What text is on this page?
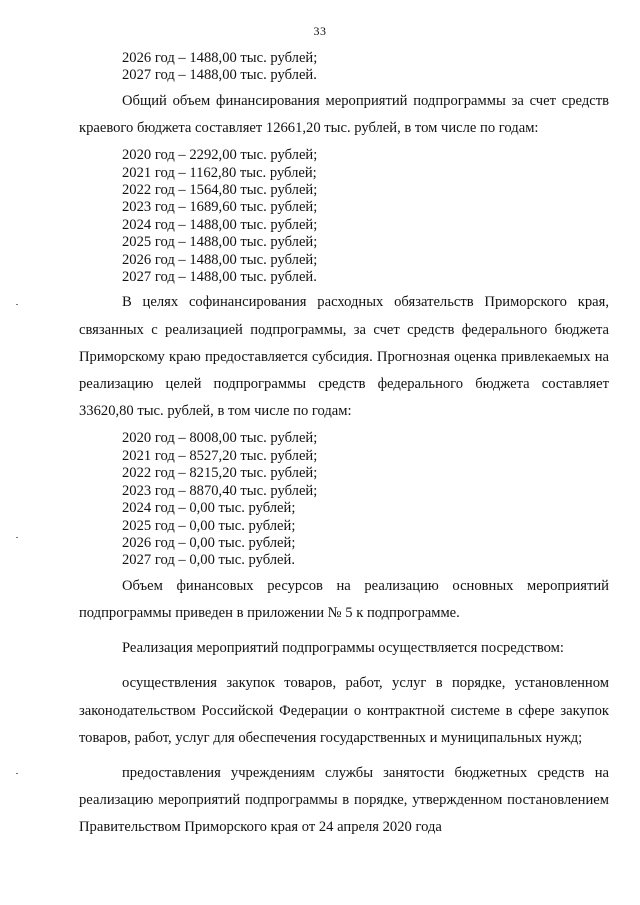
33

2026 год – 1488,00 тыс. рублей;

2027 год – 1488,00 тыс. рублей.

Общий объем финансирования мероприятий подпрограммы за счет средств краевого бюджета составляет 12661,20 тыс. рублей, в том числе по годам:

2020 год – 2292,00 тыс. рублей;

2021 год – 1162,80 тыс. рублей;

2022 год – 1564,80 тыс. рублей;

2023 год – 1689,60 тыс. рублей;

2024 год – 1488,00 тыс. рублей;

2025 год – 1488,00 тыс. рублей;

2026 год – 1488,00 тыс. рублей;

2027 год – 1488,00 тыс. рублей.

В целях софинансирования расходных обязательств Приморского края, связанных с реализацией подпрограммы, за счет средств федерального бюджета Приморскому краю предоставляется субсидия. Прогнозная оценка привлекаемых на реализацию целей подпрограммы средств федерального бюджета составляет 33620,80 тыс. рублей, в том числе по годам:

2020 год – 8008,00 тыс. рублей;

2021 год – 8527,20 тыс. рублей;

2022 год – 8215,20 тыс. рублей;

2023 год – 8870,40 тыс. рублей;

2024 год – 0,00 тыс. рублей;

2025 год – 0,00 тыс. рублей;

2026 год – 0,00 тыс. рублей;

2027 год – 0,00 тыс. рублей.

Объем финансовых ресурсов на реализацию основных мероприятий подпрограммы приведен в приложении № 5 к подпрограмме.

Реализация мероприятий подпрограммы осуществляется посредством:

осуществления закупок товаров, работ, услуг в порядке, установленном законодательством Российской Федерации о контрактной системе в сфере закупок товаров, работ, услуг для обеспечения государственных и муниципальных нужд;

предоставления учреждениям службы занятости бюджетных средств на реализацию мероприятий подпрограммы в порядке, утвержденном постановлением Правительством Приморского края от 24 апреля 2020 года
